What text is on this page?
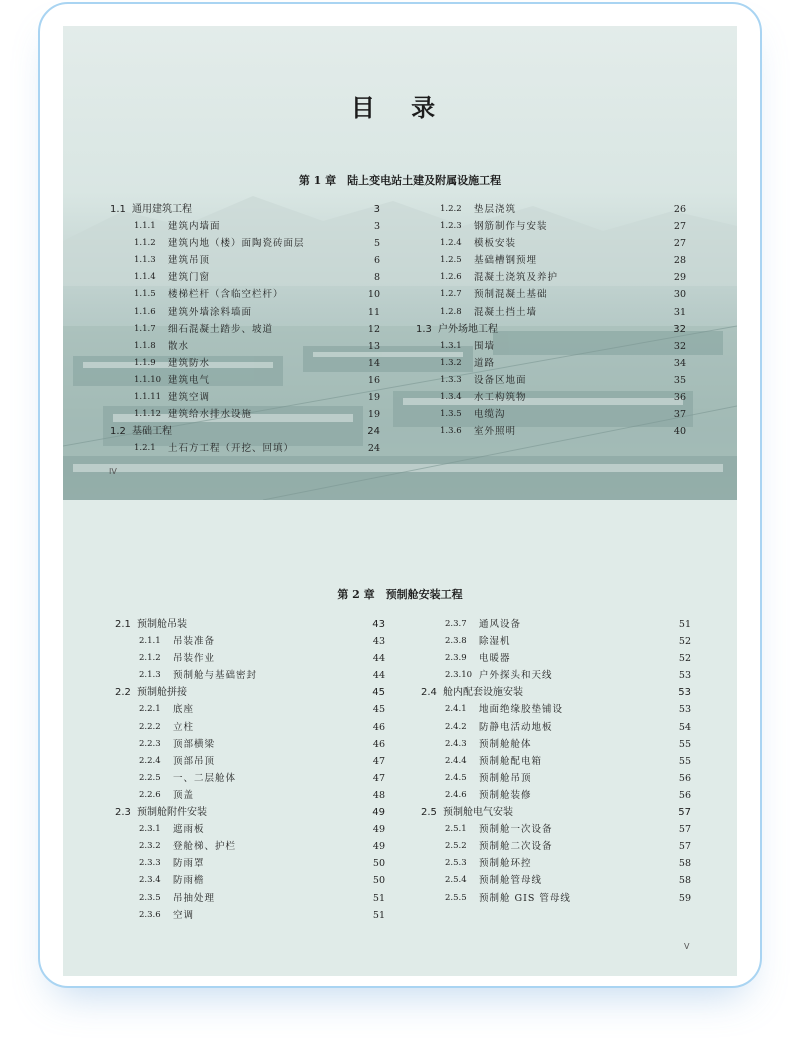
目 录
第 1 章　陆上变电站土建及附属设施工程
1.1 通用建筑工程	3
1.1.1 建筑内墙面	3
1.1.2 建筑内地（楼）面陶瓷砖面层	5
1.1.3 建筑吊顶	6
1.1.4 建筑门窗	8
1.1.5 楼梯栏杆（含临空栏杆）	10
1.1.6 建筑外墙涂料墙面	11
1.1.7 细石混凝土踏步、坡道	12
1.1.8 散水	13
1.1.9 建筑防水	14
1.1.10 建筑电气	16
1.1.11 建筑空调	19
1.1.12 建筑给水排水设施	19
1.2 基础工程	24
1.2.1 土石方工程（开挖、回填）	24
1.2.2 垫层浇筑	26
1.2.3 钢筋制作与安装	27
1.2.4 模板安装	27
1.2.5 基础槽钢预埋	28
1.2.6 混凝土浇筑及养护	29
1.2.7 预制混凝土基础	30
1.2.8 混凝土挡土墙	31
1.3 户外场地工程	32
1.3.1 围墙	32
1.3.2 道路	34
1.3.3 设备区地面	35
1.3.4 水工构筑物	36
1.3.5 电缆沟	37
1.3.6 室外照明	40
IV
第 2 章　预制舱安装工程
2.1 预制舱吊装	43
2.1.1 吊装准备	43
2.1.2 吊装作业	44
2.1.3 预制舱与基础密封	44
2.2 预制舱拼接	45
2.2.1 底座	45
2.2.2 立柱	46
2.2.3 顶部横梁	46
2.2.4 顶部吊顶	47
2.2.5 一、二层舱体	47
2.2.6 顶盖	48
2.3 预制舱附件安装	49
2.3.1 遮雨板	49
2.3.2 登舱梯、护栏	49
2.3.3 防雨罩	50
2.3.4 防雨檐	50
2.3.5 吊抽处理	51
2.3.6 空调	51
2.3.7 通风设备	51
2.3.8 除湿机	52
2.3.9 电暖器	52
2.3.10 户外探头和天线	53
2.4 舱内配套设施安装	53
2.4.1 地面绝缘胶垫铺设	53
2.4.2 防静电活动地板	54
2.4.3 预制舱舱体	55
2.4.4 预制舱配电箱	55
2.4.5 预制舱吊顶	56
2.4.6 预制舱装修	56
2.5 预制舱电气安装	57
2.5.1 预制舱一次设备	57
2.5.2 预制舱二次设备	57
2.5.3 预制舱环控	58
2.5.4 预制舱管母线	58
2.5.5 预制舱 GIS 管母线	59
V
